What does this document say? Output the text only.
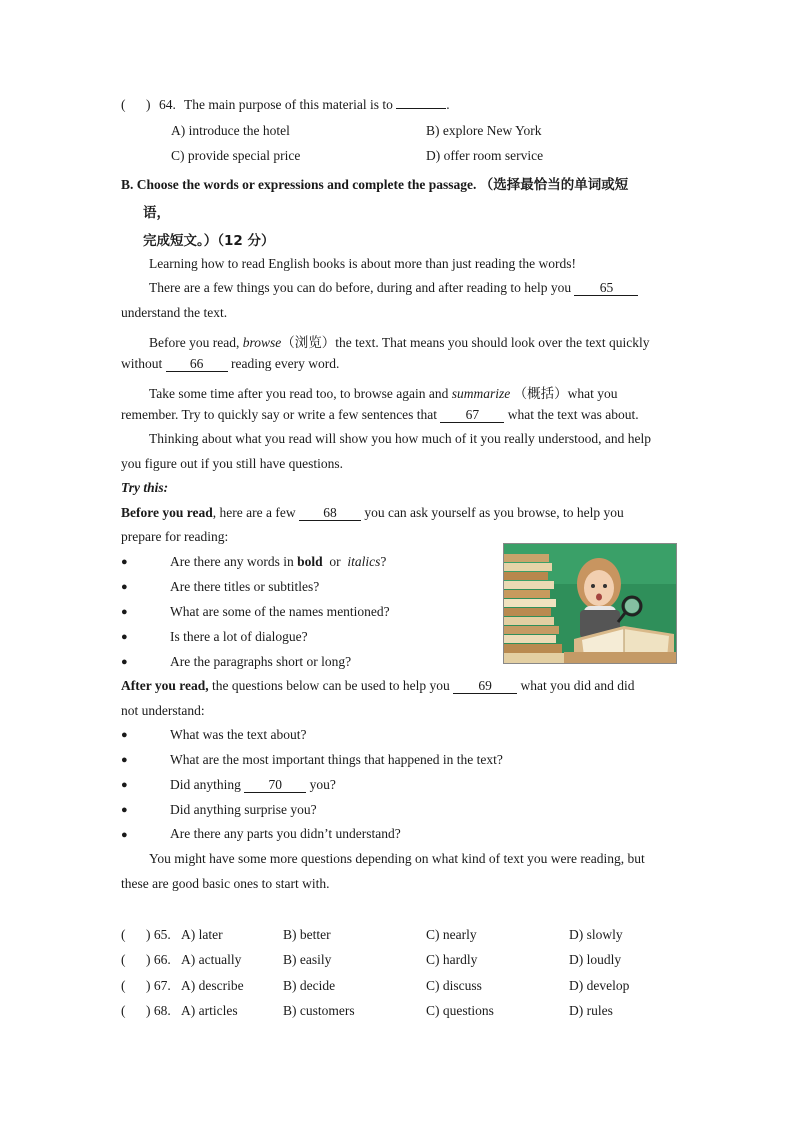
( ) 64. The main purpose of this material is to	.
A) introduce the hotel	B) explore New York
C) provide special price	D) offer room service
B. Choose the words or expressions and complete the passage. （选择最恰当的单词或短
语，
完成短文。）（12 分）
Learning how to read English books is about more than just reading the words!
There are a few things you can do before, during and after reading to help you 65
understand the text.
Before you read, browse（浏览）the text. That means you should look over the text quickly
without 66 reading every word.
Take some time after you read too, to browse again and summarize （概括）what you
remember. Try to quickly say or write a few sentences that 67 what the text was about.
Thinking about what you read will show you how much of it you really understood, and help
you figure out if you still have questions.
Try this:
Before you read, here are a few 68 you can ask yourself as you browse, to help you
prepare for reading:
●	Are there any words in bold or italics?
●	Are there titles or subtitles?
●	What are some of the names mentioned?
●	Is there a lot of dialogue?
●	Are the paragraphs short or long?
After you read, the questions below can be used to help you 69 what you did and did
not understand:
●	What was the text about?
●	What are the most important things that happened in the text?
●	Did anything 70 you?
●	Did anything surprise you?
●	Are there any parts you didn’t understand?
You might have some more questions depending on what kind of text you were reading, but
these are good basic ones to start with.
( ) 65. A) later	B) better	C) nearly	D) slowly
( ) 66. A) actually	B) easily	C) hardly	D) loudly
( ) 67. A) describe	B) decide	C) discuss	D) develop
( ) 68. A) articles	B) customers	C) questions	D) rules
